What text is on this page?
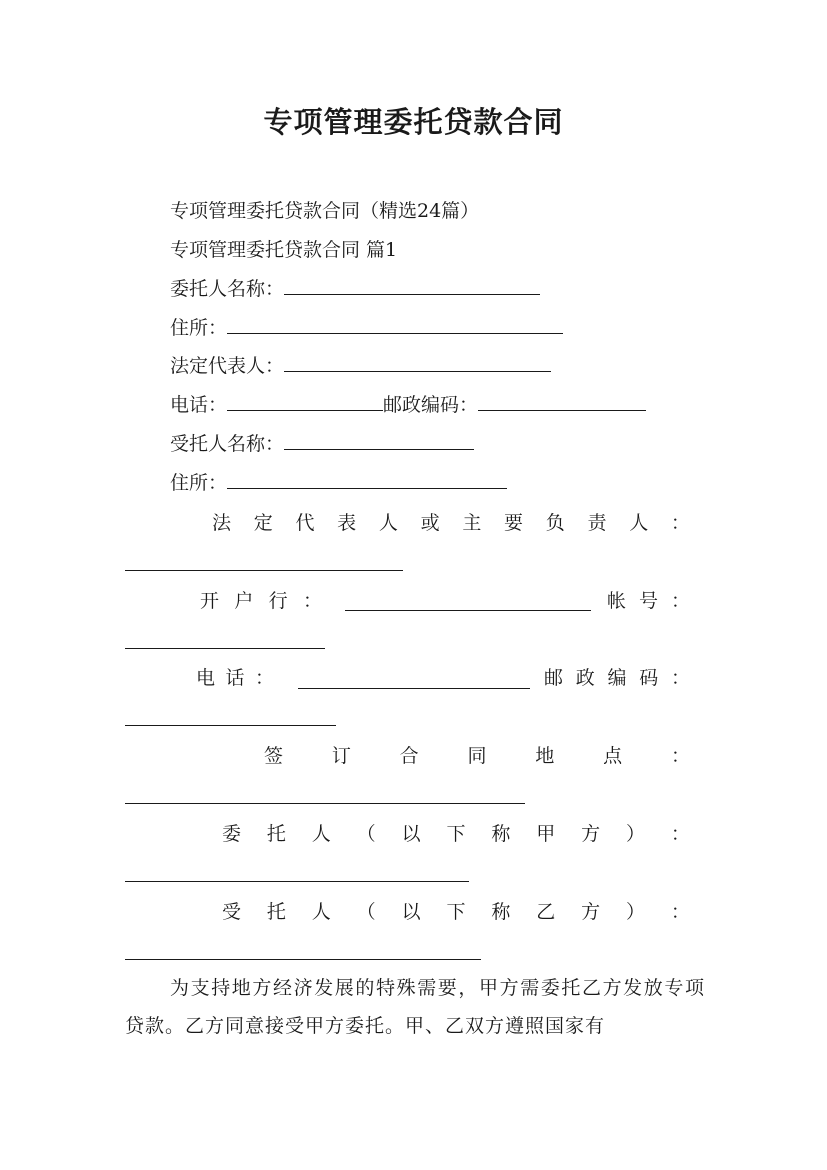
专项管理委托贷款合同

专项管理委托贷款合同（精选24篇）

专项管理委托贷款合同 篇1

委托人名称：

住所：

法定代表人：

电话：	邮政编码：

受托人名称：

住所：

法 定 代 表 人 或 主 要 负 责 人 ：
开 户 行 ：	帐 号 ：
电 话 ：	邮 政 编 码 ：
签	订	合	同	地	点	：
委 托 人 （ 以 下 称 甲 方 ） ：
受 托 人 （ 以 下 称 乙 方 ） ：

为支持地方经济发展的特殊需要，甲方需委托乙方发放专项贷款。乙方同意接受甲方委托。甲、乙双方遵照国家有
